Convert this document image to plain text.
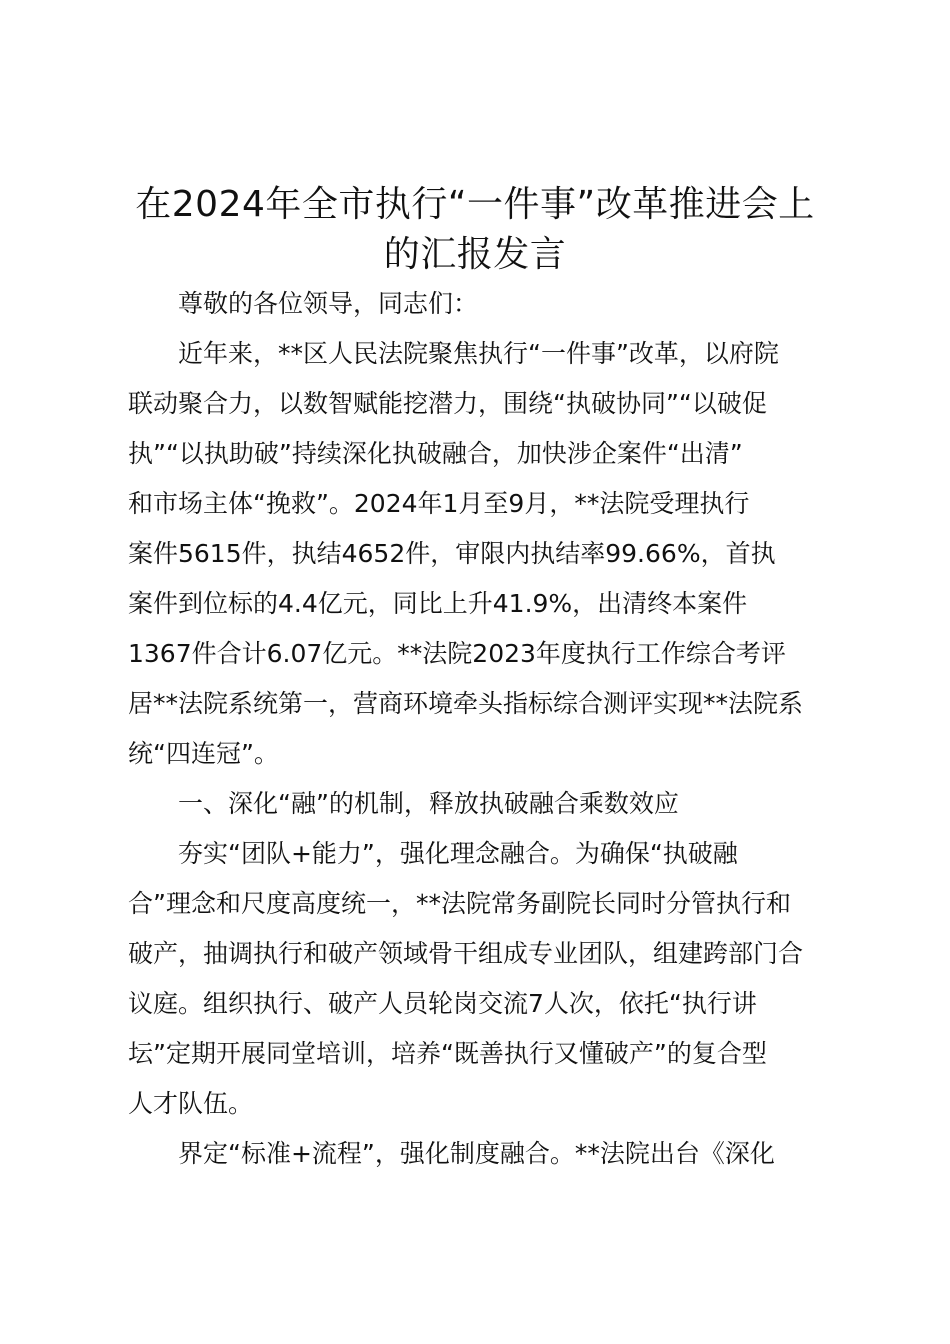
在2024年全市执行“一件事”改革推进会上
的汇报发言

尊敬的各位领导，同志们：

近年来，**区人民法院聚焦执行“一件事”改革，以府院

联动聚合力，以数智赋能挖潜力，围绕“执破协同”“以破促

执”“以执助破”持续深化执破融合，加快涉企案件“出清”

和市场主体“挽救”。2024年1月至9月，**法院受理执行

案件5615件，执结4652件，审限内执结率99.66%，首执

案件到位标的4.4亿元，同比上升41.9%，出清终本案件

1367件合计6.07亿元。**法院2023年度执行工作综合考评

居**法院系统第一，营商环境牵头指标综合测评实现**法院系

统“四连冠”。

一、深化“融”的机制，释放执破融合乘数效应

夯实“团队+能力”，强化理念融合。为确保“执破融

合”理念和尺度高度统一，**法院常务副院长同时分管执行和

破产，抽调执行和破产领域骨干组成专业团队，组建跨部门合

议庭。组织执行、破产人员轮岗交流7人次，依托“执行讲

坛”定期开展同堂培训，培养“既善执行又懂破产”的复合型

人才队伍。

界定“标准+流程”，强化制度融合。**法院出台《深化
